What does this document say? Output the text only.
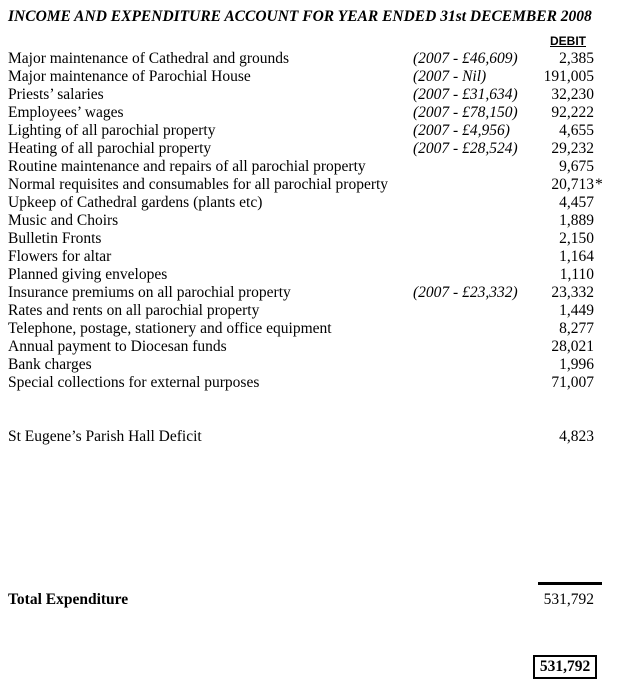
INCOME AND EXPENDITURE ACCOUNT FOR YEAR ENDED 31st DECEMBER 2008
DEBIT
Major maintenance of Cathedral and grounds	(2007 - £46,609)	2,385
Major maintenance of Parochial House	(2007 - Nil)	191,005
Priests’ salaries	(2007 - £31,634) 32,230
Employees’ wages	(2007 - £78,150) 92,222
Lighting of all parochial property	(2007 - £4,956)	4,655
Heating of all parochial property	(2007 - £28,524) 29,232
Routine maintenance and repairs of all parochial property	9,675
Normal requisites and consumables for all parochial property	20,713 *
Upkeep of Cathedral gardens (plants etc)	4,457
Music and Choirs	1,889
Bulletin Fronts	2,150
Flowers for altar	1,164
Planned giving envelopes	1,110
Insurance premiums on all parochial property	(2007 - £23,332) 23,332
Rates and rents on all parochial property	1,449
Telephone, postage, stationery and office equipment	8,277
Annual payment to Diocesan funds	28,021
Bank charges	1,996
Special collections for external purposes	71,007
St Eugene’s Parish Hall Deficit	4,823
Total Expenditure	531,792
531,792
